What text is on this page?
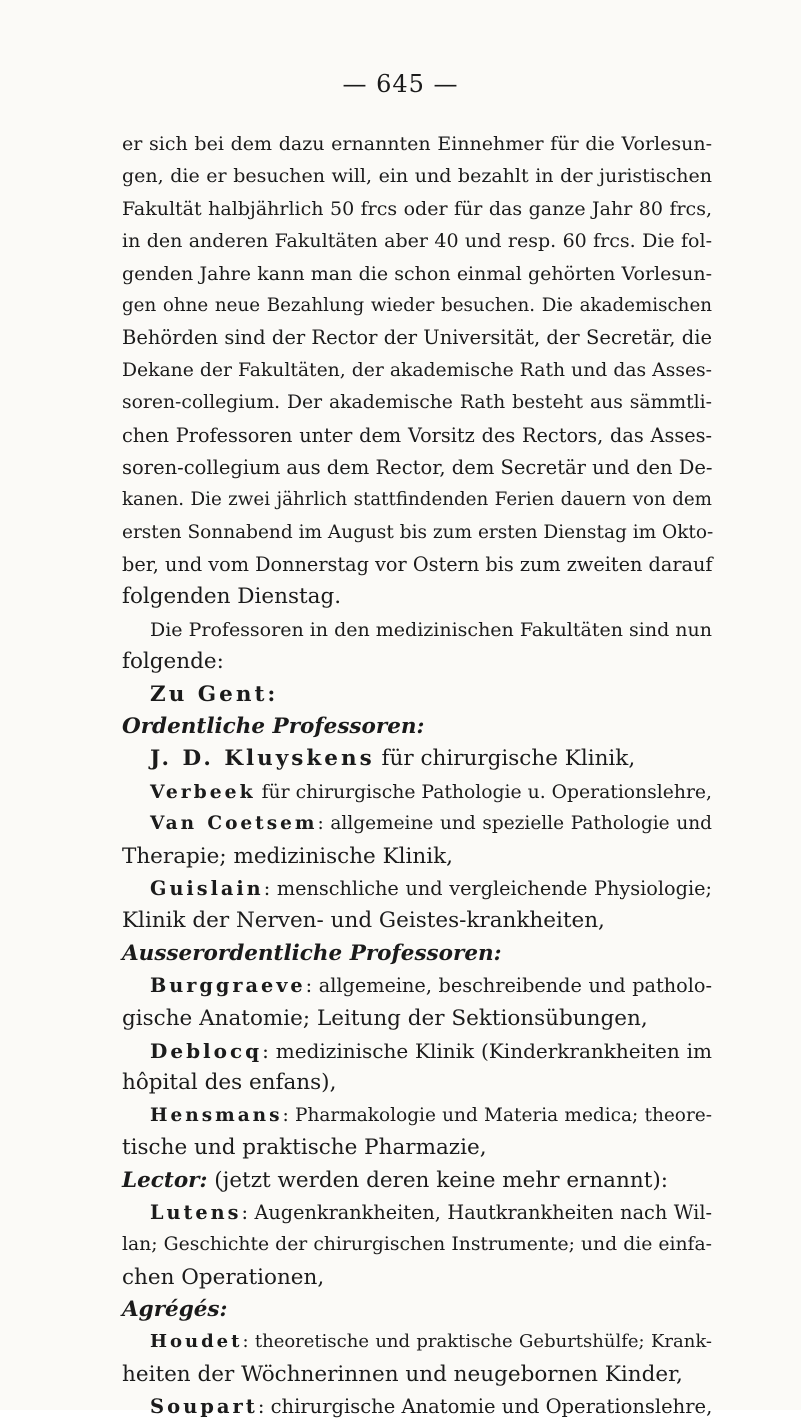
— 645 —
er sich bei dem dazu ernannten Einnehmer für die Vorlesun-
gen, die er besuchen will, ein und bezahlt in der juristischen
Fakultät halbjährlich 50 frcs oder für das ganze Jahr 80 frcs,
in den anderen Fakultäten aber 40 und resp. 60 frcs. Die fol-
genden Jahre kann man die schon einmal gehörten Vorlesun-
gen ohne neue Bezahlung wieder besuchen. Die akademischen
Behörden sind der Rector der Universität, der Secretär, die
Dekane der Fakultäten, der akademische Rath und das Asses-
soren-collegium. Der akademische Rath besteht aus sämmtli-
chen Professoren unter dem Vorsitz des Rectors, das Asses-
soren-collegium aus dem Rector, dem Secretär und den De-
kanen. Die zwei jährlich stattfindenden Ferien dauern von dem
ersten Sonnabend im August bis zum ersten Dienstag im Okto-
ber, und vom Donnerstag vor Ostern bis zum zweiten darauf
folgenden Dienstag.
Die Professoren in den medizinischen Fakultäten sind nun
folgende:
Zu Gent:
Ordentliche Professoren:
J. D. Kluyskens für chirurgische Klinik,
Verbeek für chirurgische Pathologie u. Operationslehre,
Van Coetsem: allgemeine und spezielle Pathologie und
Therapie; medizinische Klinik,
Guislain: menschliche und vergleichende Physiologie;
Klinik der Nerven- und Geistes-krankheiten,
Ausserordentliche Professoren:
Burggraeve: allgemeine, beschreibende und patholo-
gische Anatomie; Leitung der Sektionsübungen,
Deblocq: medizinische Klinik (Kinderkrankheiten im
hôpital des enfans),
Hensmans: Pharmakologie und Materia medica; theore-
tische und praktische Pharmazie,
Lector: (jetzt werden deren keine mehr ernannt):
Lutens: Augenkrankheiten, Hautkrankheiten nach Wil-
lan; Geschichte der chirurgischen Instrumente; und die einfa-
chen Operationen,
Agrégés:
Houdet: theoretische und praktische Geburtshülfe; Krank-
heiten der Wöchnerinnen und neugebornen Kinder,
Soupart: chirurgische Anatomie und Operationslehre,
